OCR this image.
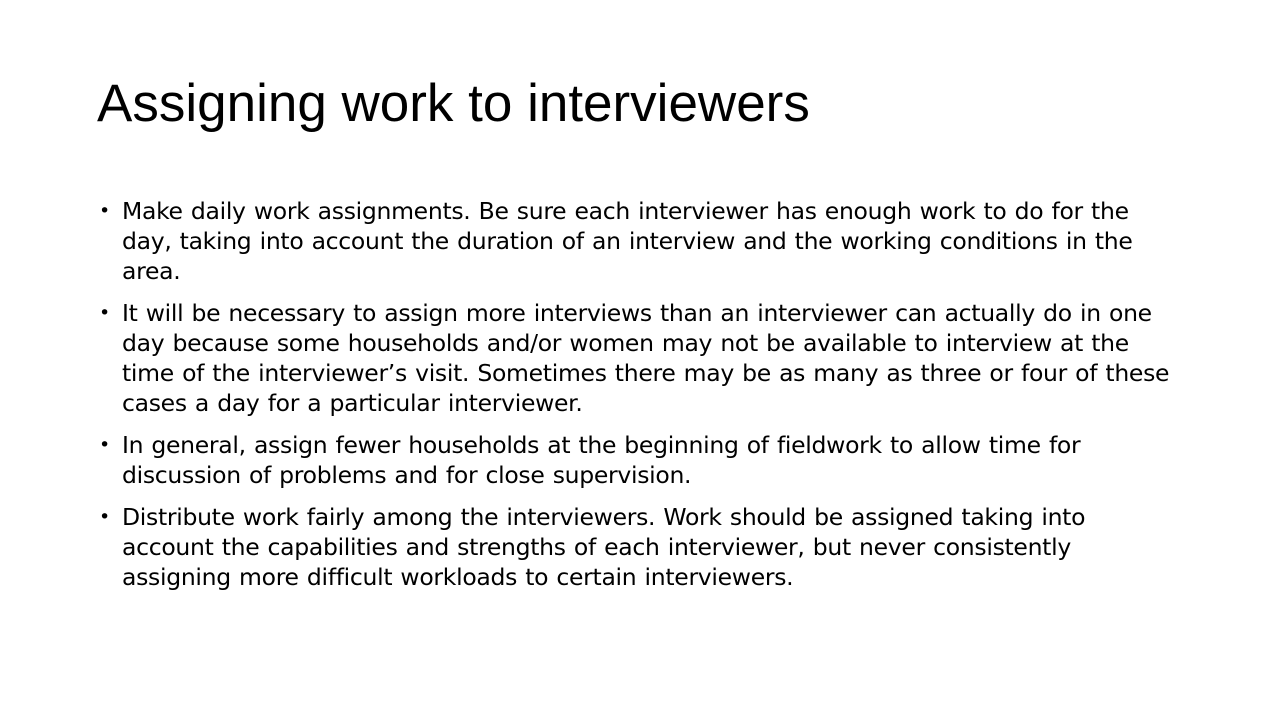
Assigning work to interviewers
• Make daily work assignments. Be sure each interviewer has enough work to do for the day, taking into account the duration of an interview and the working conditions in the area.
• It will be necessary to assign more interviews than an interviewer can actually do in one day because some households and/or women may not be available to interview at the time of the interviewer’s visit. Sometimes there may be as many as three or four of these cases a day for a particular interviewer.
• In general, assign fewer households at the beginning of fieldwork to allow time for discussion of problems and for close supervision.
• Distribute work fairly among the interviewers. Work should be assigned taking into account the capabilities and strengths of each interviewer, but never consistently assigning more difficult workloads to certain interviewers.
